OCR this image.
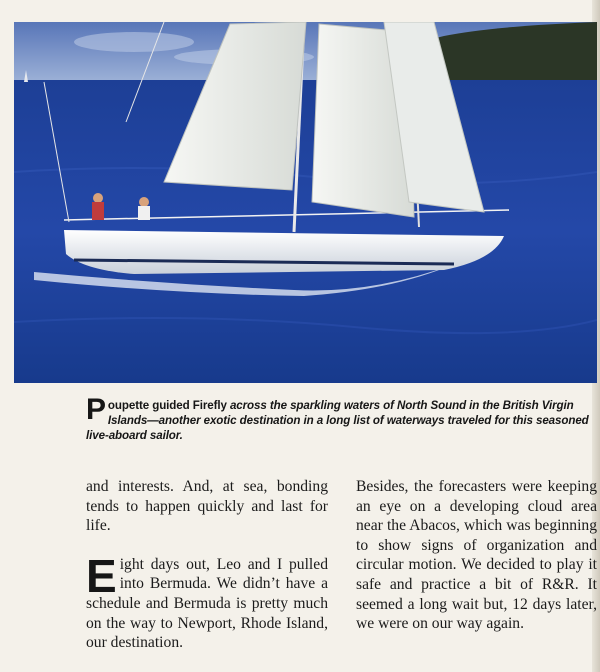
Poupette guided Firefly across the sparkling waters of North Sound in the British Virgin Islands—another exotic destination in a long list of waterways traveled for this seasoned live-aboard sailor.

and interests. And, at sea, bonding tends to happen quickly and last for life.

Eight days out, Leo and I pulled into Bermuda. We didn’t have a schedule and Bermuda is pretty much on the way to Newport, Rhode Island, our destination.

Besides, the forecasters were keeping an eye on a developing cloud area near the Abacos, which was beginning to show signs of organization and circular motion. We decided to play it safe and practice a bit of R&R. It seemed a long wait but, 12 days later, we were on our way again.
